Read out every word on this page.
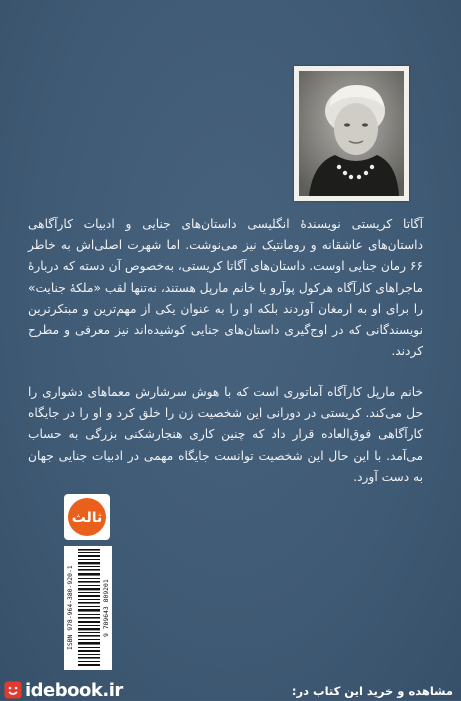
آگاتا کریستی نویسندهٔ انگلیسی داستان‌های جنایی و ادبیات کارآگاهی داستان‌های عاشقانه و رومانتیک نیز می‌نوشت. اما شهرت اصلی‌اش به خاطر ۶۶ رمان جنایی اوست. داستان‌های آگاتا کریستی، به‌خصوص آن دسته که دربارهٔ ماجراهای کارآگاه هرکول پوآرو یا خانم مارپل هستند، نه‌تنها لقب «ملکهٔ جنایت» را برای او به ارمغان آوردند بلکه او را به عنوان یکی از مهم‌ترین و مبتکرترین نویسندگانی که در اوج‌گیری داستان‌های جنایی کوشیده‌اند نیز معرفی و مطرح کردند.

خانم مارپل کارآگاه آماتوری است که با هوش سرشارش معماهای دشواری را حل می‌کند. کریستی در دورانی این شخصیت زن را خلق کرد و او را در جایگاه کارآگاهی فوق‌العاده قرار داد که چنین کاری هنجارشکنی بزرگی به حساب می‌آمد. با این حال این شخصیت توانست جایگاه مهمی در ادبیات جنایی جهان به دست آورد.

ثالث
ISBN 978-964-380-920-1	9 789643 809201
idebook.ir	مشاهده و خرید این کتاب در:
